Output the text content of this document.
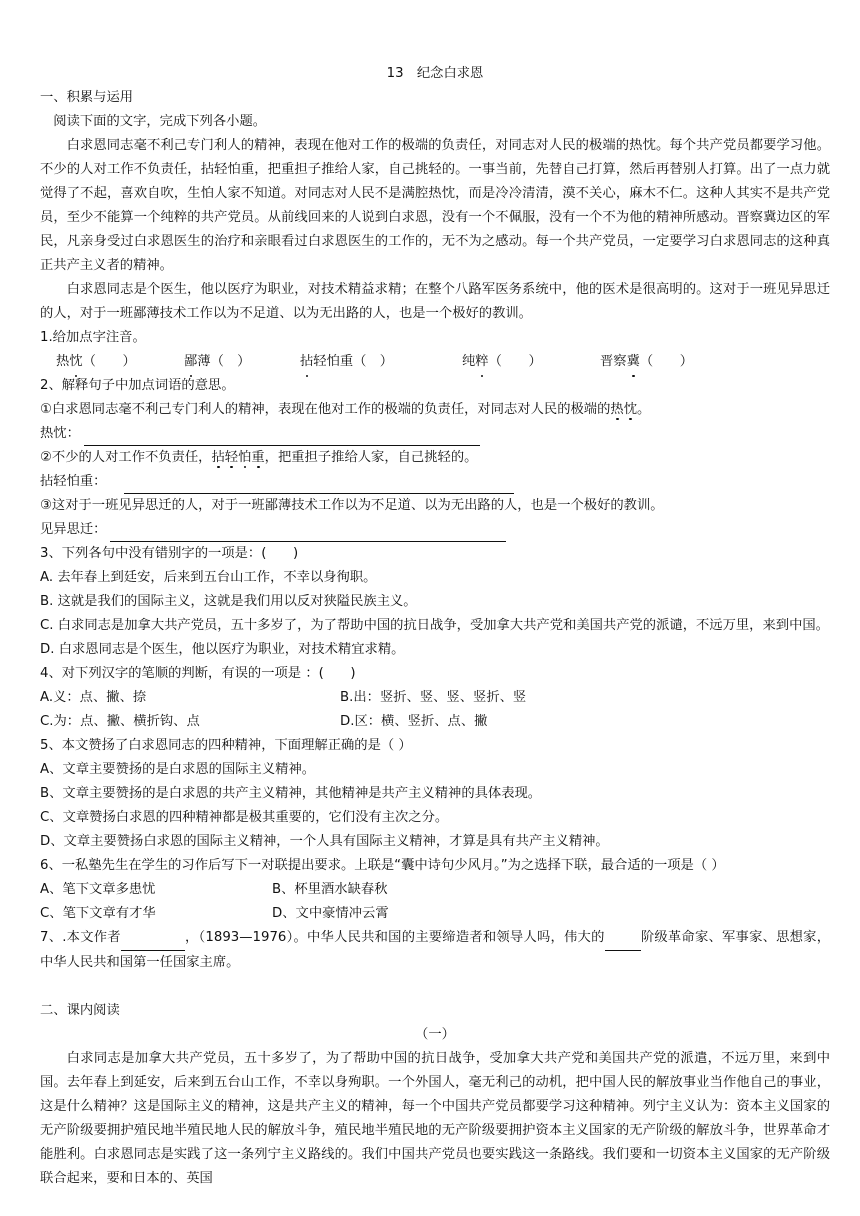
13　纪念白求恩

一、积累与运用

阅读下面的文字，完成下列各小题。

白求恩同志毫不利己专门利人的精神，表现在他对工作的极端的负责任，对同志对人民的极端的热忱。每个共产党员都要学习他。不少的人对工作不负责任，拈轻怕重，把重担子推给人家，自己挑轻的。一事当前，先替自己打算，然后再替别人打算。出了一点力就觉得了不起，喜欢自吹，生怕人家不知道。对同志对人民不是满腔热忱，而是冷冷清清，漠不关心，麻木不仁。这种人其实不是共产党员，至少不能算一个纯粹的共产党员。从前线回来的人说到白求恩，没有一个不佩服，没有一个不为他的精神所感动。晋察冀边区的军民，凡亲身受过白求恩医生的治疗和亲眼看过白求恩医生的工作的，无不为之感动。每一个共产党员，一定要学习白求恩同志的这种真正共产主义者的精神。

白求恩同志是个医生，他以医疗为职业，对技术精益求精；在整个八路军医务系统中，他的医术是很高明的。这对于一班见异思迁的人，对于一班鄙薄技术工作以为不足道、以为无出路的人，也是一个极好的教训。

1.给加点字注音。

热忱（　　）	鄙薄（　）	拈轻怕重（　）	纯粹（　　）	晋察冀（　　）

2、解释句子中加点词语的意思。

①白求恩同志毫不利己专门利人的精神，表现在他对工作的极端的负责任，对同志对人民的极端的热忱。

热忱：

②不少的人对工作不负责任，拈轻怕重，把重担子推给人家，自己挑轻的。

拈轻怕重：

③这对于一班见异思迁的人，对于一班鄙薄技术工作以为不足道、以为无出路的人，也是一个极好的教训。

见异思迁：

3、下列各句中没有错别字的一项是：(　　)

A. 去年春上到廷安，后来到五台山工作，不幸以身徇职。

B. 这就是我们的国际主义，这就是我们用以反对狭隘民族主义。

C. 白求同志是加拿大共产党员，五十多岁了，为了帮助中国的抗日战争，受加拿大共产党和美国共产党的派谴，不远万里，来到中国。

D. 白求恩同志是个医生，他以医疗为职业，对技术精宜求精。

4、对下列汉字的笔顺的判断，有误的一项是 ：(　　)

A.义：点、撇、捺	B.出：竖折、竖、竖、竖折、竖
C.为：点、撇、横折钩、点	D.区：横、竖折、点、撇

5、本文赞扬了白求恩同志的四种精神，下面理解正确的是（ ）

A、文章主要赞扬的是白求恩的国际主义精神。

B、文章主要赞扬的是白求恩的共产主义精神，其他精神是共产主义精神的具体表现。

C、文章赞扬白求恩的四种精神都是极其重要的，它们没有主次之分。

D、文章主要赞扬白求恩的国际主义精神，一个人具有国际主义精神，才算是具有共产主义精神。

6、一私塾先生在学生的习作后写下一对联提出要求。上联是“囊中诗句少风月。”为之选择下联，最合适的一项是（ ）

A、笔下文章多患忧	B、杯里酒水缺春秋
C、笔下文章有才华	D、文中豪情冲云霄

7、.本文作者	，（1893—1976）。中华人民共和国的主要缔造者和领导人吗，伟大的	阶级革命家、军事家、思想家，中华人民共和国第一任国家主席。

二、课内阅读

（一）

白求同志是加拿大共产党员，五十多岁了，为了帮助中国的抗日战争，受加拿大共产党和美国共产党的派遣，不远万里，来到中国。去年春上到延安，后来到五台山工作，不幸以身殉职。一个外国人，毫无利己的动机，把中国人民的解放事业当作他自己的事业，这是什么精神？这是国际主义的精神，这是共产主义的精神，每一个中国共产党员都要学习这种精神。列宁主义认为：资本主义国家的无产阶级要拥护殖民地半殖民地人民的解放斗争，殖民地半殖民地的无产阶级要拥护资本主义国家的无产阶级的解放斗争，世界革命才能胜利。白求恩同志是实践了这一条列宁主义路线的。我们中国共产党员也要实践这一条路线。我们要和一切资本主义国家的无产阶级联合起来，要和日本的、英国
